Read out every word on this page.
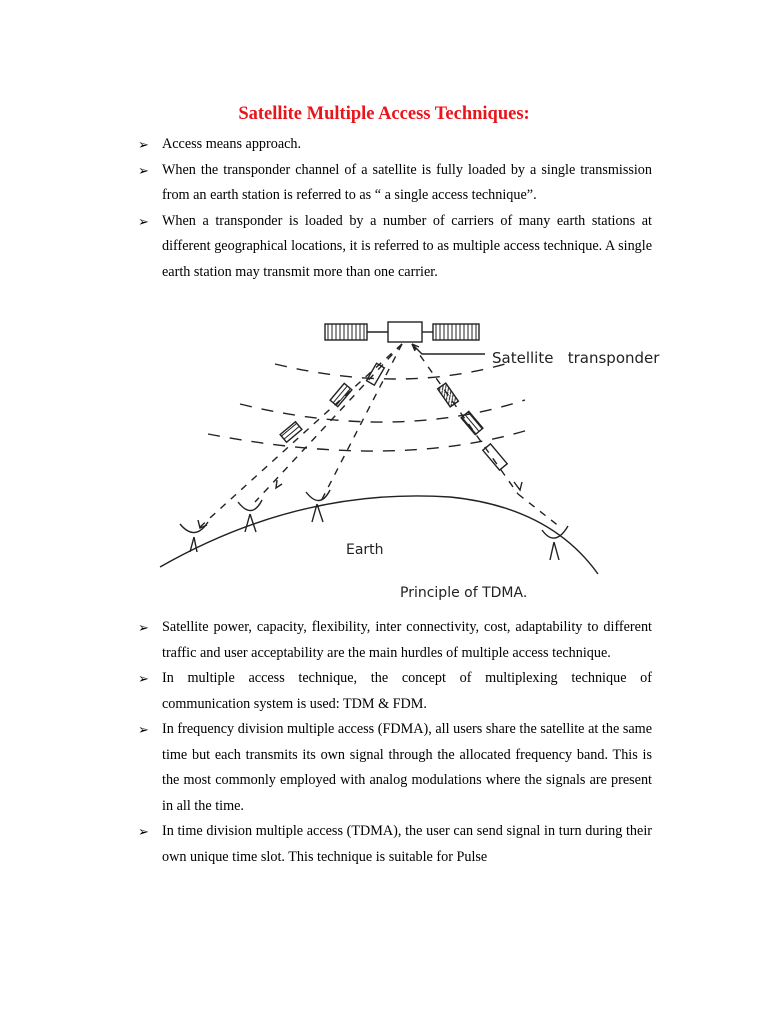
Satellite Multiple Access Techniques:
➢ Access means approach.
➢ When the transponder channel of a satellite is fully loaded by a single transmission from an earth station is referred to as “ a single access technique”.
➢ When a transponder is loaded by a number of carriers of many earth stations at different geographical locations, it is referred to as multiple access technique. A single earth station may transmit more than one carrier.
Satellite   transponder
Earth
Principle of TDMA.
➢ Satellite power, capacity, flexibility, inter connectivity, cost, adaptability to different traffic and user acceptability are the main hurdles of multiple access technique.
➢ In multiple access technique, the concept of multiplexing technique of communication system is used: TDM & FDM.
➢ In frequency division multiple access (FDMA), all users share the satellite at the same time but each transmits its own signal through the allocated frequency band. This is the most commonly employed with analog modulations where the signals are present in all the time.
➢ In time division multiple access (TDMA), the user can send signal in turn during their own unique time slot. This technique is suitable for Pulse
